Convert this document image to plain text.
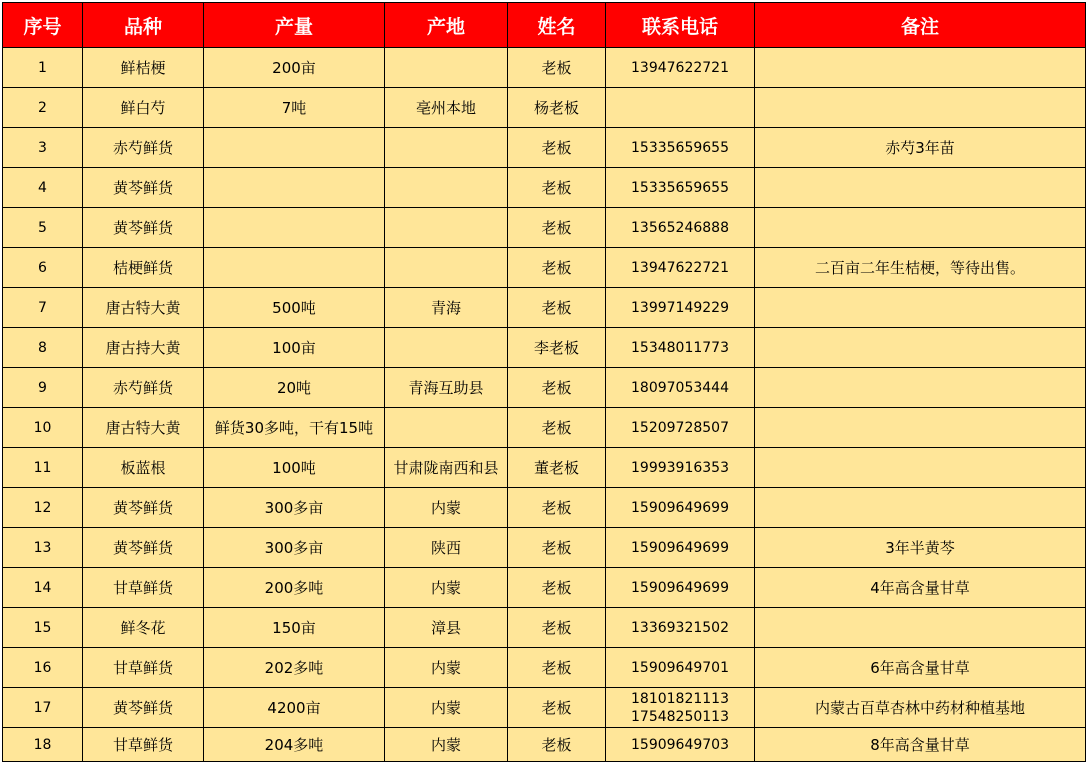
序号	品种	产量	产地	姓名	联系电话	备注
1	鲜桔梗	200亩		老板	13947622721	

2	鲜白芍	7吨	亳州本地	杨老板	

3	赤芍鲜货			老板	15335659655	赤芍3年苗
4	黄芩鲜货			老板	15335659655	

5	黄芩鲜货			老板	13565246888	

6	桔梗鲜货			老板	13947622721	二百亩二年生桔梗，等待出售。
7	唐古特大黄	500吨	青海	老板	13997149229	

8	唐古持大黄	100亩		李老板	15348011773	

9	赤芍鲜货	20吨	青海互助县	老板	18097053444	

10	唐古特大黄	鲜货30多吨，干有15吨		老板	15209728507	

11	板蓝根	100吨	甘肃陇南西和县	董老板	19993916353	

12	黄芩鲜货	300多亩	内蒙	老板	15909649699	

13	黄芩鲜货	300多亩	陕西	老板	15909649699	3年半黄芩
14	甘草鲜货	200多吨	内蒙	老板	15909649699	4年高含量甘草
15	鲜冬花	150亩	漳县	老板	13369321502	

16	甘草鲜货	202多吨	内蒙	老板	15909649701	6年高含量甘草
17	黄芩鲜货	4200亩	内蒙	老板	18101821113
17548250113	内蒙古百草杏林中药材种植基地
18	甘草鲜货	204多吨	内蒙	老板	15909649703	8年高含量甘草
